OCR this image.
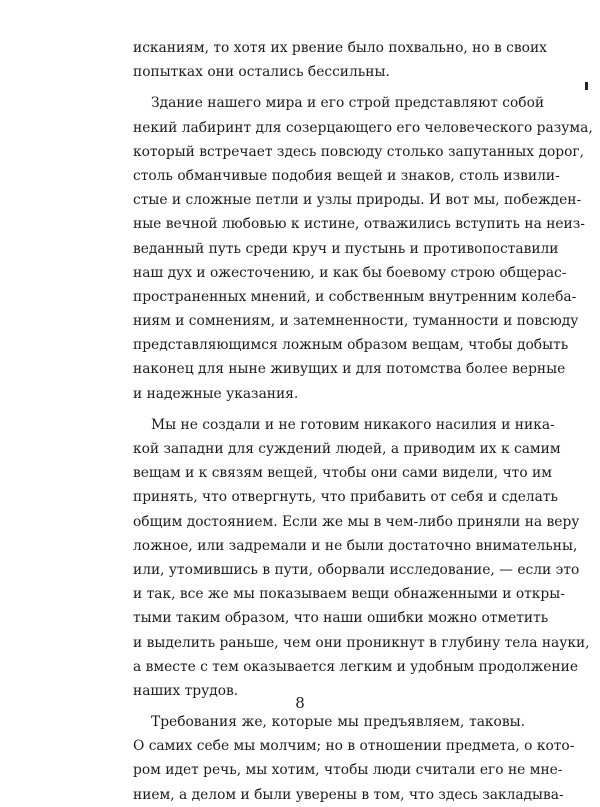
исканиям, то хотя их рвение было похвально, но в своих
попытках они остались бессильны.
Здание нашего мира и его строй представляют собой
некий лабиринт для созерцающего его человеческого разума,
который встречает здесь повсюду столько запутанных дорог,
столь обманчивые подобия вещей и знаков, столь извили-
стые и сложные петли и узлы природы. И вот мы, побежден-
ные вечной любовью к истине, отважились вступить на неиз-
веданный путь среди круч и пустынь и противопоставили
наш дух и ожесточению, и как бы боевому строю общерас-
пространенных мнений, и собственным внутренним колеба-
ниям и сомнениям, и затемненности, туманности и повсюду
представляющимся ложным образом вещам, чтобы добыть
наконец для ныне живущих и для потомства более верные
и надежные указания.
Мы не создали и не готовим никакого насилия и ника-
кой западни для суждений людей, а приводим их к самим
вещам и к связям вещей, чтобы они сами видели, что им
принять, что отвергнуть, что прибавить от себя и сделать
общим достоянием. Если же мы в чем-либо приняли на веру
ложное, или задремали и не были достаточно внимательны,
или, утомившись в пути, оборвали исследование, — если это
и так, все же мы показываем вещи обнаженными и откры-
тыми таким образом, что наши ошибки можно отметить
и выделить раньше, чем они проникнут в глубину тела науки,
а вместе с тем оказывается легким и удобным продолжение
наших трудов.
Требования же, которые мы предъявляем, таковы.
О самих себе мы молчим; но в отношении предмета, о кото-
ром идет речь, мы хотим, чтобы люди считали его не мне-
нием, а делом и были уверены в том, что здесь закладыва-
8
